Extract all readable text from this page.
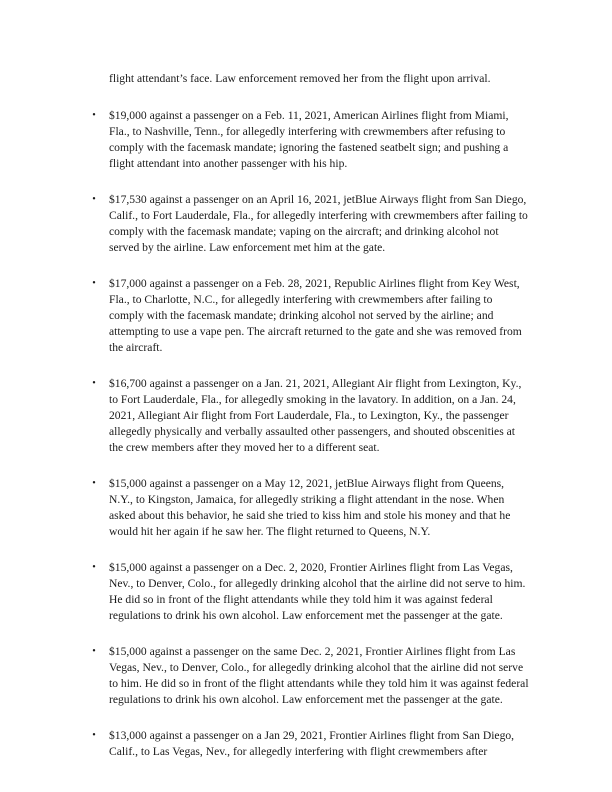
flight attendant’s face. Law enforcement removed her from the flight upon arrival.

• $19,000 against a passenger on a Feb. 11, 2021, American Airlines flight from Miami, Fla., to Nashville, Tenn., for allegedly interfering with crewmembers after refusing to comply with the facemask mandate; ignoring the fastened seatbelt sign; and pushing a flight attendant into another passenger with his hip.
• $17,530 against a passenger on an April 16, 2021, jetBlue Airways flight from San Diego, Calif., to Fort Lauderdale, Fla., for allegedly interfering with crewmembers after failing to comply with the facemask mandate; vaping on the aircraft; and drinking alcohol not served by the airline. Law enforcement met him at the gate.
• $17,000 against a passenger on a Feb. 28, 2021, Republic Airlines flight from Key West, Fla., to Charlotte, N.C., for allegedly interfering with crewmembers after failing to comply with the facemask mandate; drinking alcohol not served by the airline; and attempting to use a vape pen. The aircraft returned to the gate and she was removed from the aircraft.
• $16,700 against a passenger on a Jan. 21, 2021, Allegiant Air flight from Lexington, Ky., to Fort Lauderdale, Fla., for allegedly smoking in the lavatory. In addition, on a Jan. 24, 2021, Allegiant Air flight from Fort Lauderdale, Fla., to Lexington, Ky., the passenger allegedly physically and verbally assaulted other passengers, and shouted obscenities at the crew members after they moved her to a different seat.
• $15,000 against a passenger on a May 12, 2021, jetBlue Airways flight from Queens, N.Y., to Kingston, Jamaica, for allegedly striking a flight attendant in the nose. When asked about this behavior, he said she tried to kiss him and stole his money and that he would hit her again if he saw her. The flight returned to Queens, N.Y.
• $15,000 against a passenger on a Dec. 2, 2020, Frontier Airlines flight from Las Vegas, Nev., to Denver, Colo., for allegedly drinking alcohol that the airline did not serve to him. He did so in front of the flight attendants while they told him it was against federal regulations to drink his own alcohol. Law enforcement met the passenger at the gate.
• $15,000 against a passenger on the same Dec. 2, 2021, Frontier Airlines flight from Las Vegas, Nev., to Denver, Colo., for allegedly drinking alcohol that the airline did not serve to him. He did so in front of the flight attendants while they told him it was against federal regulations to drink his own alcohol. Law enforcement met the passenger at the gate.
• $13,000 against a passenger on a Jan 29, 2021, Frontier Airlines flight from San Diego, Calif., to Las Vegas, Nev., for allegedly interfering with flight crewmembers after
